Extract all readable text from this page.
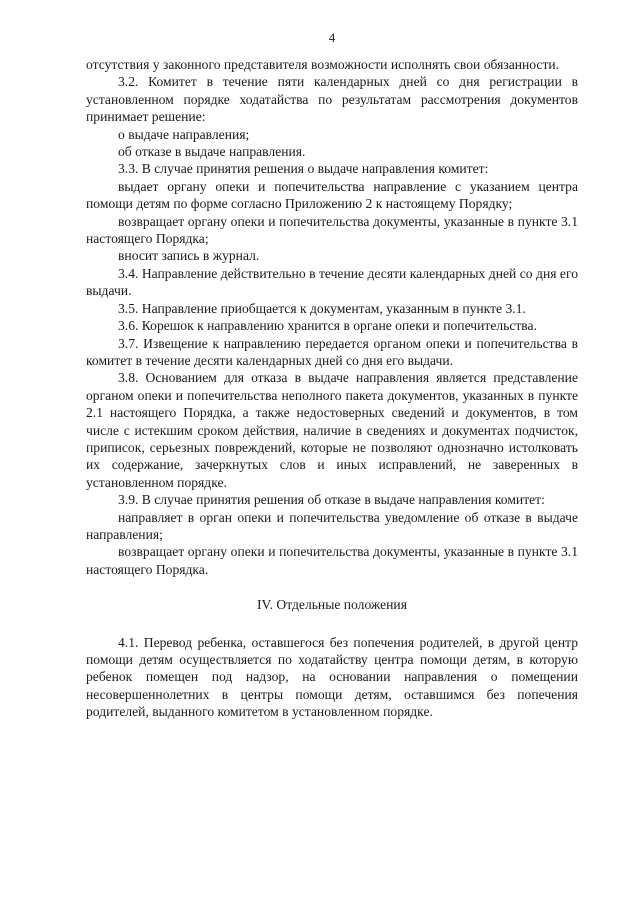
4

отсутствия у законного представителя возможности исполнять свои обязанности.

3.2. Комитет в течение пяти календарных дней со дня регистрации в установленном порядке ходатайства по результатам рассмотрения документов принимает решение:

о выдаче направления;

об отказе в выдаче направления.

3.3. В случае принятия решения о выдаче направления комитет:

выдает органу опеки и попечительства направление с указанием центра помощи детям по форме согласно Приложению 2 к настоящему Порядку;

возвращает органу опеки и попечительства документы, указанные в пункте 3.1 настоящего Порядка;

вносит запись в журнал.

3.4. Направление действительно в течение десяти календарных дней со дня его выдачи.

3.5. Направление приобщается к документам, указанным в пункте 3.1.

3.6. Корешок к направлению хранится в органе опеки и попечительства.

3.7. Извещение к направлению передается органом опеки и попечительства в комитет в течение десяти календарных дней со дня его выдачи.

3.8. Основанием для отказа в выдаче направления является представление органом опеки и попечительства неполного пакета документов, указанных в пункте 2.1 настоящего Порядка, а также недостоверных сведений и документов, в том числе с истекшим сроком действия, наличие в сведениях и документах подчисток, приписок, серьезных повреждений, которые не позволяют однозначно истолковать их содержание, зачеркнутых слов и иных исправлений, не заверенных в установленном порядке.

3.9. В случае принятия решения об отказе в выдаче направления комитет:

направляет в орган опеки и попечительства уведомление об отказе в выдаче направления;

возвращает органу опеки и попечительства документы, указанные в пункте 3.1 настоящего Порядка.

IV. Отдельные положения

4.1. Перевод ребенка, оставшегося без попечения родителей, в другой центр помощи детям осуществляется по ходатайству центра помощи детям, в которую ребенок помещен под надзор, на основании направления о помещении несовершеннолетних в центры помощи детям, оставшимся без попечения родителей, выданного комитетом в установленном порядке.
